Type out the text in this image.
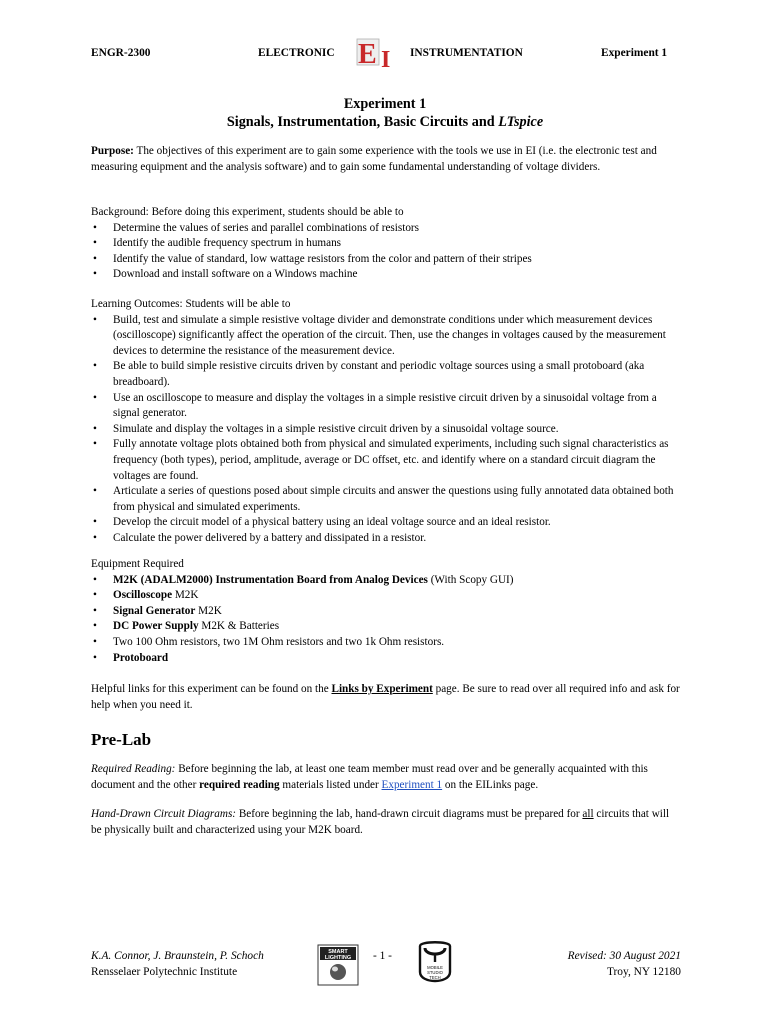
ENGR-2300	ELECTRONIC E I INSTRUMENTATION	Experiment 1
Experiment 1
Signals, Instrumentation, Basic Circuits and LTspice
Purpose: The objectives of this experiment are to gain some experience with the tools we use in EI (i.e. the electronic test and measuring equipment and the analysis software) and to gain some fundamental understanding of voltage dividers.
Background: Before doing this experiment, students should be able to
• Determine the values of series and parallel combinations of resistors
• Identify the audible frequency spectrum in humans
• Identify the value of standard, low wattage resistors from the color and pattern of their stripes
• Download and install software on a Windows machine
Learning Outcomes: Students will be able to
• Build, test and simulate a simple resistive voltage divider and demonstrate conditions under which measurement devices (oscilloscope) significantly affect the operation of the circuit. Then, use the changes in voltages caused by the measurement devices to determine the resistance of the measurement device.
• Be able to build simple resistive circuits driven by constant and periodic voltage sources using a small protoboard (aka breadboard).
• Use an oscilloscope to measure and display the voltages in a simple resistive circuit driven by a sinusoidal voltage from a signal generator.
• Simulate and display the voltages in a simple resistive circuit driven by a sinusoidal voltage source.
• Fully annotate voltage plots obtained both from physical and simulated experiments, including such signal characteristics as frequency (both types), period, amplitude, average or DC offset, etc. and identify where on a standard circuit diagram the voltages are found.
• Articulate a series of questions posed about simple circuits and answer the questions using fully annotated data obtained both from physical and simulated experiments.
• Develop the circuit model of a physical battery using an ideal voltage source and an ideal resistor.
• Calculate the power delivered by a battery and dissipated in a resistor.
Equipment Required
• M2K (ADALM2000) Instrumentation Board from Analog Devices (With Scopy GUI)
• Oscilloscope M2K
• Signal Generator M2K
• DC Power Supply M2K & Batteries
• Two 100 Ohm resistors, two 1M Ohm resistors and two 1k Ohm resistors.
• Protoboard
Helpful links for this experiment can be found on the Links by Experiment page. Be sure to read over all required info and ask for help when you need it.
Pre-Lab
Required Reading: Before beginning the lab, at least one team member must read over and be generally acquainted with this document and the other required reading materials listed under Experiment 1 on the EILinks page.
Hand-Drawn Circuit Diagrams: Before beginning the lab, hand-drawn circuit diagrams must be prepared for all circuits that will be physically built and characterized using your M2K board.
K.A. Connor, J. Braunstein, P. Schoch
Rensselaer Polytechnic Institute
SMART
LIGHTING - 1 -
MOBILE
STUDIO
TECH
Revised: 30 August 2021
Troy, NY 12180
